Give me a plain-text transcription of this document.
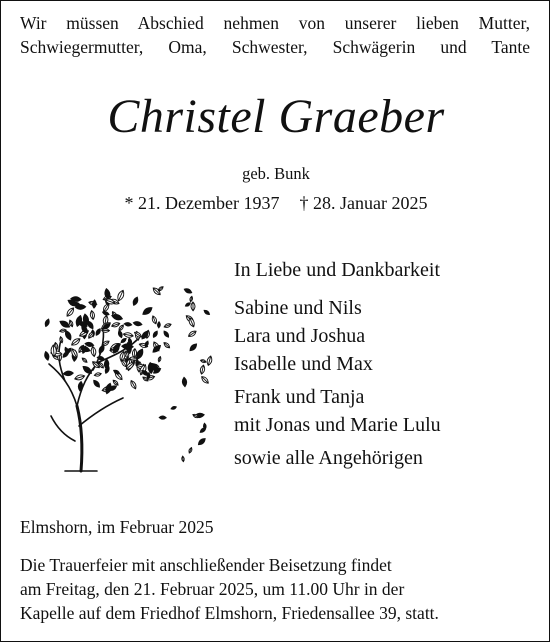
Wir müssen Abschied nehmen von unserer lieben Mutter,
Schwiegermutter, Oma, Schwester, Schwägerin und Tante
Christel Graeber
geb. Bunk
* 21. Dezember 1937 † 28. Januar 2025
In Liebe und Dankbarkeit
Sabine und Nils
Lara und Joshua
Isabelle und Max
Frank und Tanja
mit Jonas und Marie Lulu
sowie alle Angehörigen
Elmshorn, im Februar 2025
Die Trauerfeier mit anschließender Beisetzung findet
am Freitag, den 21. Februar 2025, um 11.00 Uhr in der
Kapelle auf dem Friedhof Elmshorn, Friedensallee 39, statt.
